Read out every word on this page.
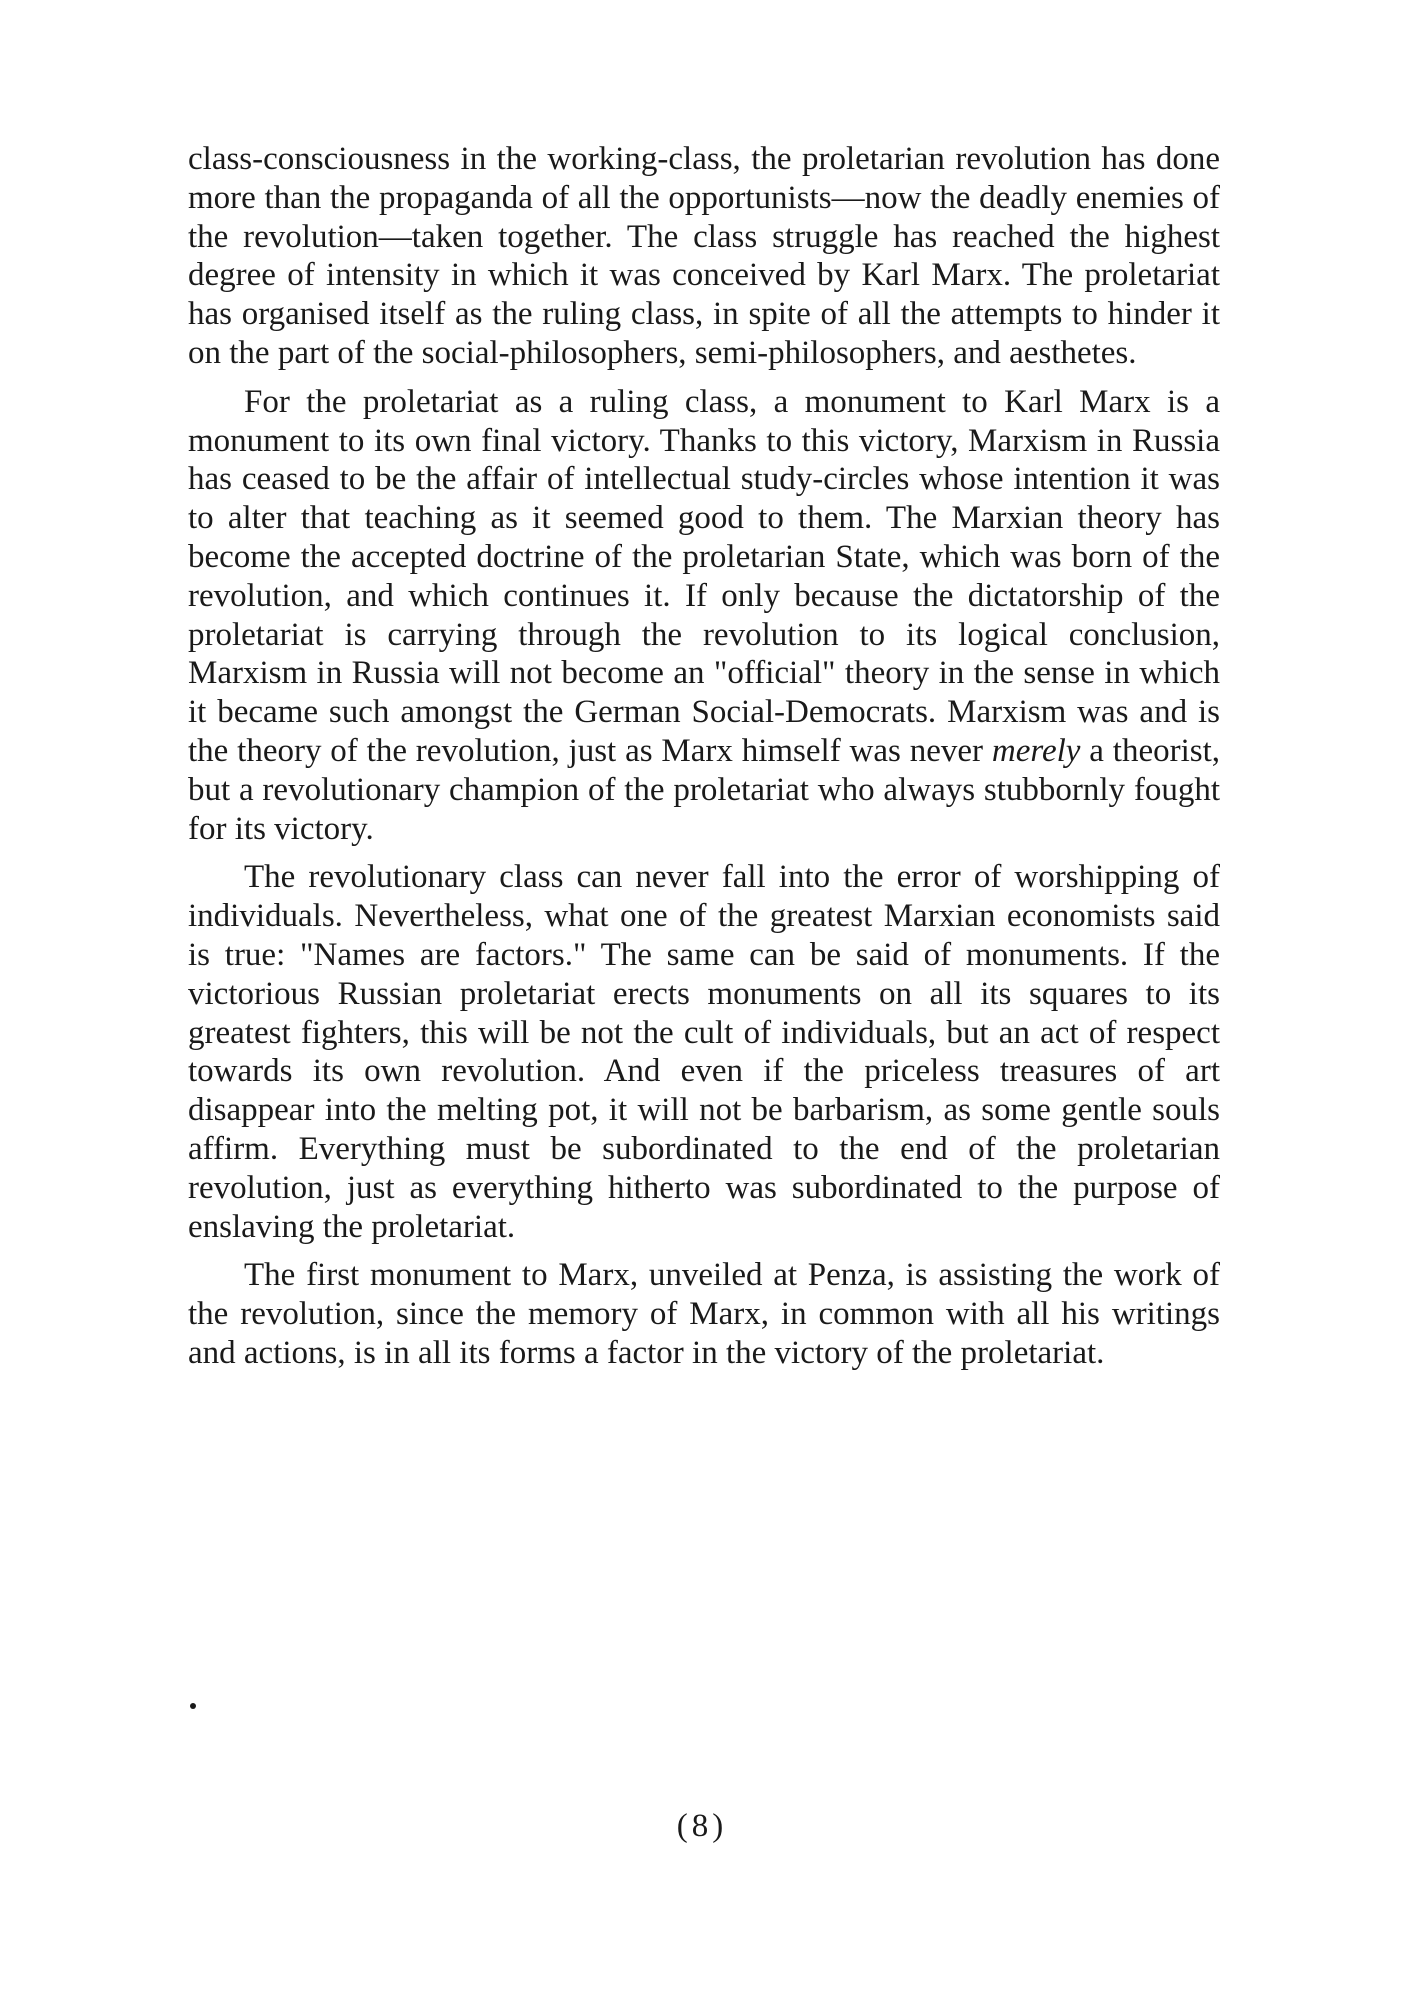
class-consciousness in the working-class, the proletarian revolution has done more than the propaganda of all the opportunists—now the deadly enemies of the revolution—taken together. The class struggle has reached the highest degree of intensity in which it was conceived by Karl Marx. The proletariat has organised itself as the ruling class, in spite of all the attempts to hinder it on the part of the social-philosophers, semi-philosophers, and aesthetes.

For the proletariat as a ruling class, a monument to Karl Marx is a monument to its own final victory. Thanks to this victory, Marxism in Russia has ceased to be the affair of intellectual study-circles whose intention it was to alter that teaching as it seemed good to them. The Marxian theory has become the accepted doctrine of the proletarian State, which was born of the revolution, and which continues it. If only because the dictatorship of the proletariat is carrying through the revolution to its logical conclusion, Marxism in Russia will not become an "official" theory in the sense in which it became such amongst the German Social-Democrats. Marxism was and is the theory of the revolution, just as Marx himself was never merely a theorist, but a revolutionary champion of the proletariat who always stubbornly fought for its victory.

The revolutionary class can never fall into the error of worshipping of individuals. Nevertheless, what one of the greatest Marxian economists said is true: "Names are factors." The same can be said of monuments. If the victorious Russian proletariat erects monuments on all its squares to its greatest fighters, this will be not the cult of individuals, but an act of respect towards its own revolution. And even if the priceless treasures of art disappear into the melting pot, it will not be barbarism, as some gentle souls affirm. Everything must be subordinated to the end of the proletarian revolution, just as everything hitherto was subordinated to the purpose of enslaving the proletariat.

The first monument to Marx, unveiled at Penza, is assisting the work of the revolution, since the memory of Marx, in common with all his writings and actions, is in all its forms a factor in the victory of the proletariat.

(8)
